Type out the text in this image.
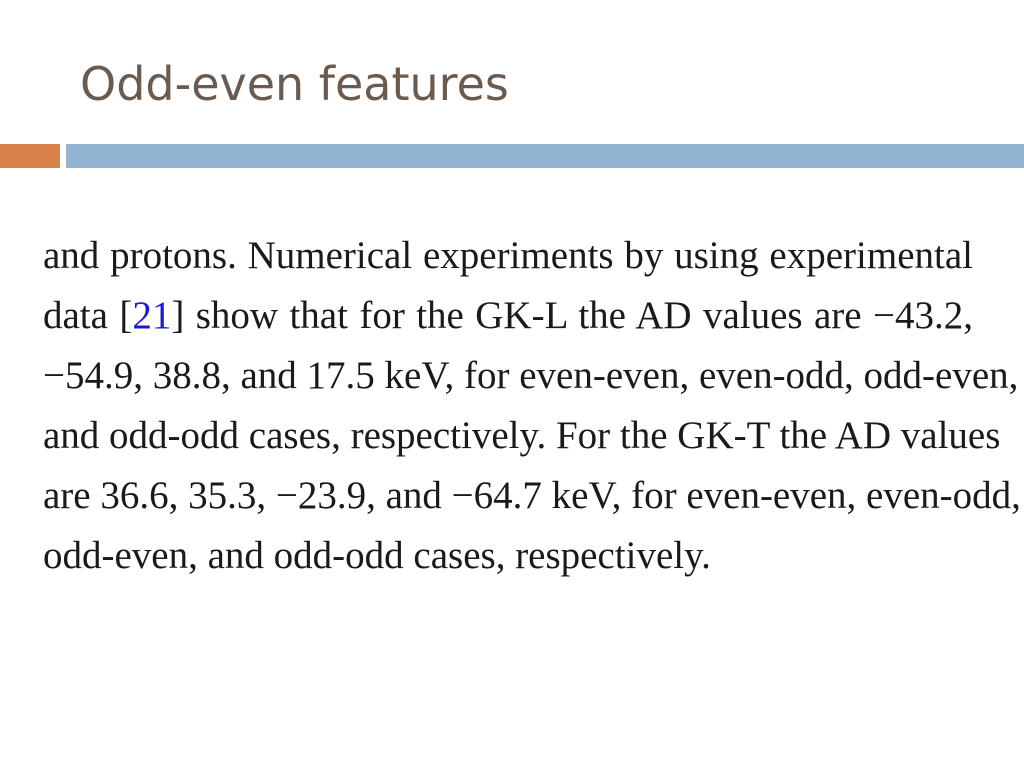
Odd-even features
and protons. Numerical experiments by using experimental
data [21] show that for the GK-L the AD values are −43.2,
−54.9, 38.8, and 17.5 keV, for even-even, even-odd, odd-even,
and odd-odd cases, respectively. For the GK-T the AD values
are 36.6, 35.3, −23.9, and −64.7 keV, for even-even, even-odd,
odd-even, and odd-odd cases, respectively.
